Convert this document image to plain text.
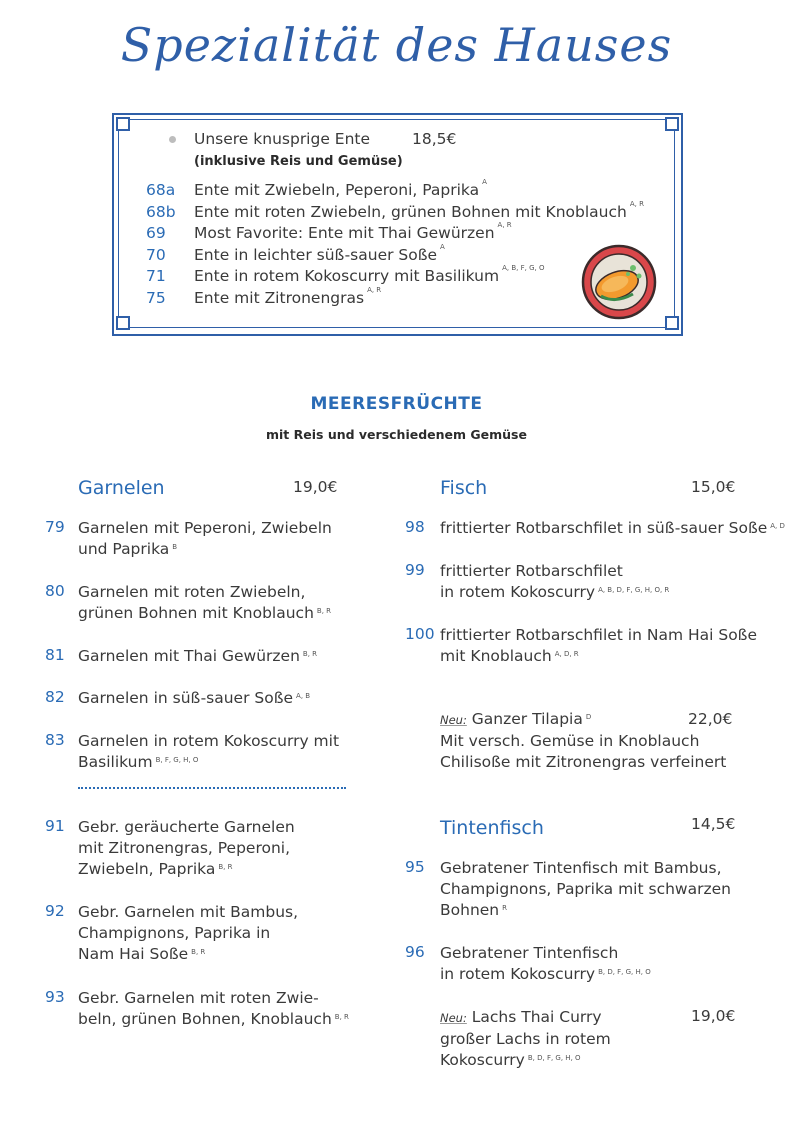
Spezialität des Hauses
Unsere knusprige Ente	18,5€
(inklusive Reis und Gemüse)
68a Ente mit Zwiebeln, Peperoni, Paprika $^A$
68b Ente mit roten Zwiebeln, grünen Bohnen mit Knoblauch $^{A, R}$
69 Most Favorite: Ente mit Thai Gewürzen $^{A, R}$
70 Ente in leichter süß-sauer Soße $^A$
71 Ente in rotem Kokoscurry mit Basilikum $^{A, B, F, G, O}$
75 Ente mit Zitronengras $^{A, R}$
MEERESFRÜCHTE
mit Reis und verschiedenem Gemüse
Garnelen	19,0€
79 Garnelen mit Peperoni, Zwiebeln
und Paprika $^B$
80 Garnelen mit roten Zwiebeln,
grünen Bohnen mit Knoblauch $^{B, R}$
81 Garnelen mit Thai Gewürzen $^{B, R}$
82 Garnelen in süß-sauer Soße $^{A, B}$
83 Garnelen in rotem Kokoscurry mit
Basilikum $^{B, F, G, H, O}$
91 Gebr. geräucherte Garnelen
mit Zitronengras, Peperoni,
Zwiebeln, Paprika $^{B, R}$
92 Gebr. Garnelen mit Bambus,
Champignons, Paprika in
Nam Hai Soße $^{B, R}$
93 Gebr. Garnelen mit roten Zwie-
beln, grünen Bohnen, Knoblauch $^{B, R}$
Fisch	15,0€
98 frittierter Rotbarschfilet in süß-sauer Soße $^{A, D}$
99 frittierter Rotbarschfilet
in rotem Kokoscurry $^{A, B, D, F, G, H, O, R}$
100 frittierter Rotbarschfilet in Nam Hai Soße
mit Knoblauch $^{A, D, R}$
Neu: Ganzer Tilapia $^D$
Mit versch. Gemüse in Knoblauch
Chilisoße mit Zitronengras verfeinert
22,0€
Tintenfisch	14,5€
95 Gebratener Tintenfisch mit Bambus,
Champignons, Paprika mit schwarzen
Bohnen $^R$
96 Gebratener Tintenfisch
in rotem Kokoscurry $^{B, D, F, G, H, O}$
Neu: Lachs Thai Curry
großer Lachs in rotem
Kokoscurry $^{B, D, F, G, H, O}$
19,0€
